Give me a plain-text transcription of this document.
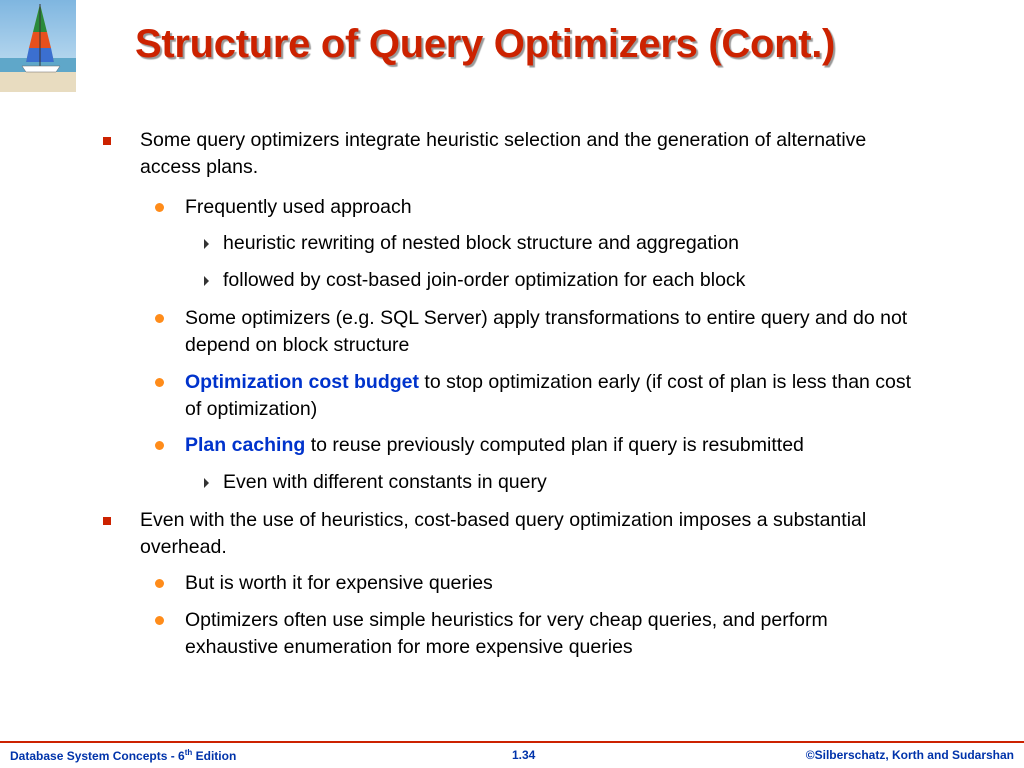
Structure of Query Optimizers (Cont.)
Some query optimizers integrate heuristic selection and the generation of alternative access plans.
Frequently used approach
heuristic rewriting of nested block structure and aggregation
followed by cost-based join-order optimization for each block
Some optimizers (e.g. SQL Server) apply transformations to entire query and do not depend on block structure
Optimization cost budget to stop optimization early (if cost of plan is less than cost of optimization)
Plan caching to reuse previously computed plan if query is resubmitted
Even with different constants in query
Even with the use of heuristics, cost-based query optimization imposes a substantial overhead.
But is worth it for expensive queries
Optimizers often use simple heuristics for very cheap queries, and perform exhaustive enumeration for more expensive queries
Database System Concepts - 6th Edition	1.34	©Silberschatz, Korth and Sudarshan
